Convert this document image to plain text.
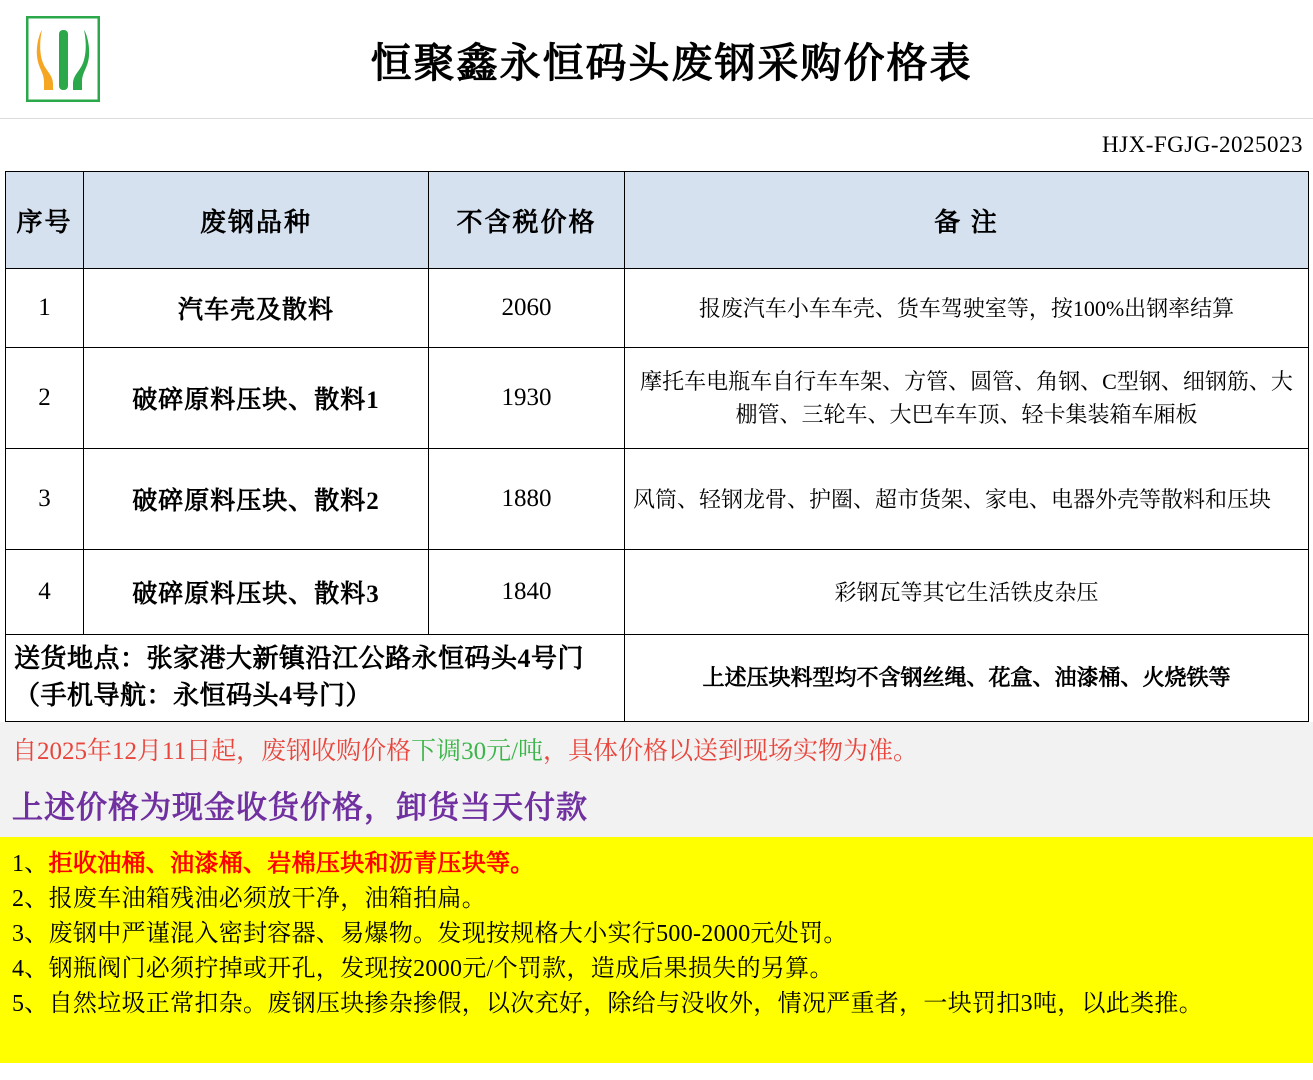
恒聚鑫永恒码头废钢采购价格表
HJX-FGJG-2025023
序号	废钢品种	不含税价格	备 注
1	汽车壳及散料	2060	报废汽车小车车壳、货车驾驶室等，按100%出钢率结算
2	破碎原料压块、散料1	1930	摩托车电瓶车自行车车架、方管、圆管、角钢、C型钢、细钢筋、大棚管、三轮车、大巴车车顶、轻卡集装箱车厢板
3	破碎原料压块、散料2	1880	风筒、轻钢龙骨、护圈、超市货架、家电、电器外壳等散料和压块
4	破碎原料压块、散料3	1840	彩钢瓦等其它生活铁皮杂压
送货地点：张家港大新镇沿江公路永恒码头4号门（手机导航：永恒码头4号门）			上述压块料型均不含钢丝绳、花盒、油漆桶、火烧铁等
自2025年12月11日起，废钢收购价格下调30元/吨，具体价格以送到现场实物为准。
上述价格为现金收货价格，卸货当天付款
1、拒收油桶、油漆桶、岩棉压块和沥青压块等。
2、报废车油箱残油必须放干净，油箱拍扁。
3、废钢中严谨混入密封容器、易爆物。发现按规格大小实行500-2000元处罚。
4、钢瓶阀门必须拧掉或开孔，发现按2000元/个罚款，造成后果损失的另算。
5、自然垃圾正常扣杂。废钢压块掺杂掺假，以次充好，除给与没收外，情况严重者，一块罚扣3吨，以此类推。
